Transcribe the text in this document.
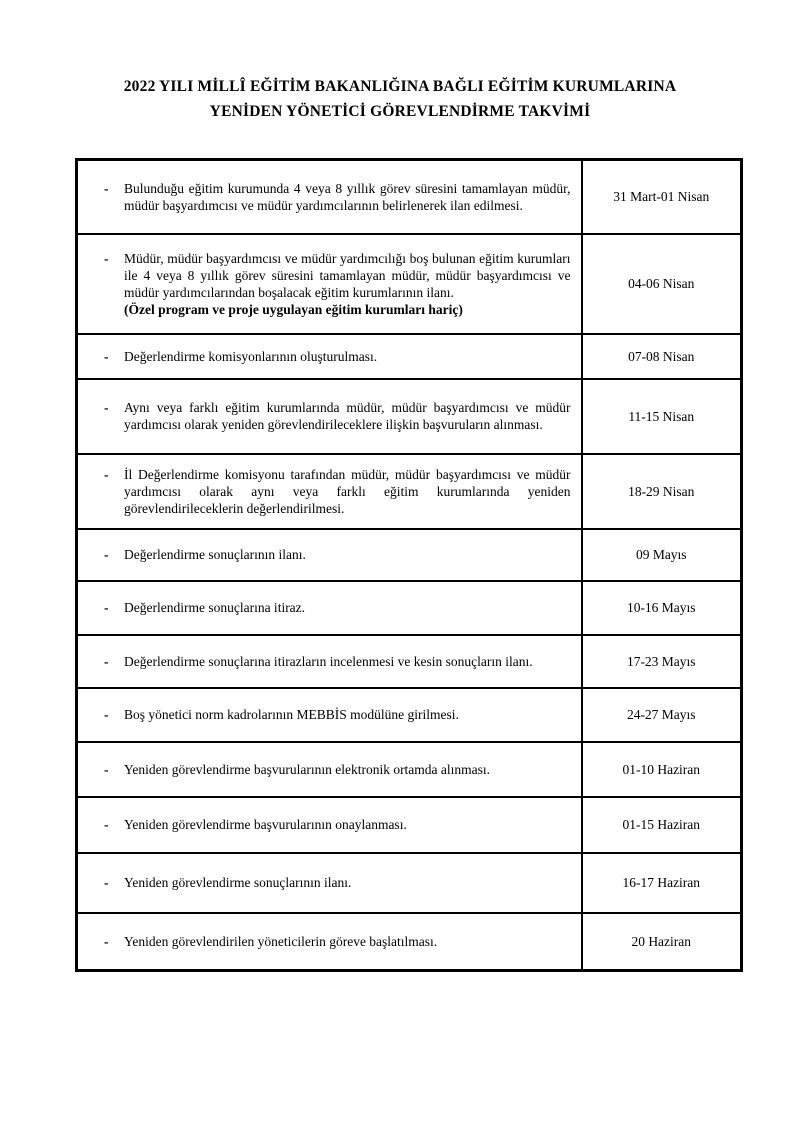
2022 YILI MİLLÎ EĞİTİM BAKANLIĞINA BAĞLI EĞİTİM KURUMLARINA
YENİDEN YÖNETİCİ GÖREVLENDİRME TAKVİMİ
- Bulunduğu eğitim kurumunda 4 veya 8 yıllık görev süresini tamamlayan müdür, müdür başyardımcısı ve müdür yardımcılarının belirlenerek ilan edilmesi.	31 Mart-01 Nisan

- Müdür, müdür başyardımcısı ve müdür yardımcılığı boş bulunan eğitim kurumları ile 4 veya 8 yıllık görev süresini tamamlayan müdür, müdür başyardımcısı ve müdür yardımcılarından boşalacak eğitim kurumlarının ilanı.
(Özel program ve proje uygulayan eğitim kurumları hariç)	04-06 Nisan

- Değerlendirme komisyonlarının oluşturulması.	07-08 Nisan

- Aynı veya farklı eğitim kurumlarında müdür, müdür başyardımcısı ve müdür yardımcısı olarak yeniden görevlendirileceklere ilişkin başvuruların alınması.	11-15 Nisan

- İl Değerlendirme komisyonu tarafından müdür, müdür başyardımcısı ve müdür yardımcısı olarak aynı veya farklı eğitim kurumlarında yeniden görevlendirileceklerin değerlendirilmesi.	18-29 Nisan

- Değerlendirme sonuçlarının ilanı.	09 Mayıs

- Değerlendirme sonuçlarına itiraz.	10-16 Mayıs

- Değerlendirme sonuçlarına itirazların incelenmesi ve kesin sonuçların ilanı.	17-23 Mayıs

- Boş yönetici norm kadrolarının MEBBİS modülüne girilmesi.	24-27 Mayıs

- Yeniden görevlendirme başvurularının elektronik ortamda alınması.	01-10 Haziran

- Yeniden görevlendirme başvurularının onaylanması.	01-15 Haziran

- Yeniden görevlendirme sonuçlarının ilanı.	16-17 Haziran

- Yeniden görevlendirilen yöneticilerin göreve başlatılması.	20 Haziran
